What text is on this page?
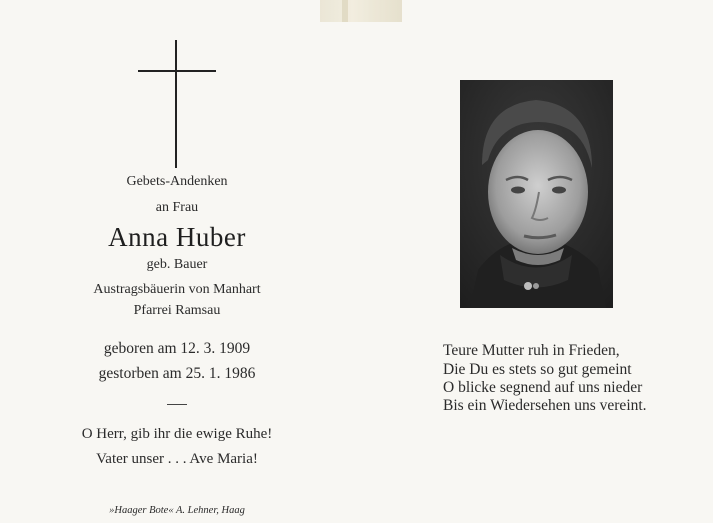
Gebets-Andenken
an Frau
Anna Huber
geb. Bauer
Austragsbäuerin von Manhart
Pfarrei Ramsau
geboren am 12. 3. 1909
gestorben am 25. 1. 1986
O Herr, gib ihr die ewige Ruhe!
Vater unser . . . Ave Maria!
»Haager Bote« A. Lehner, Haag
Teure Mutter ruh in Frieden,
Die Du es stets so gut gemeint
O blicke segnend auf uns nieder
Bis ein Wiedersehen uns vereint.
